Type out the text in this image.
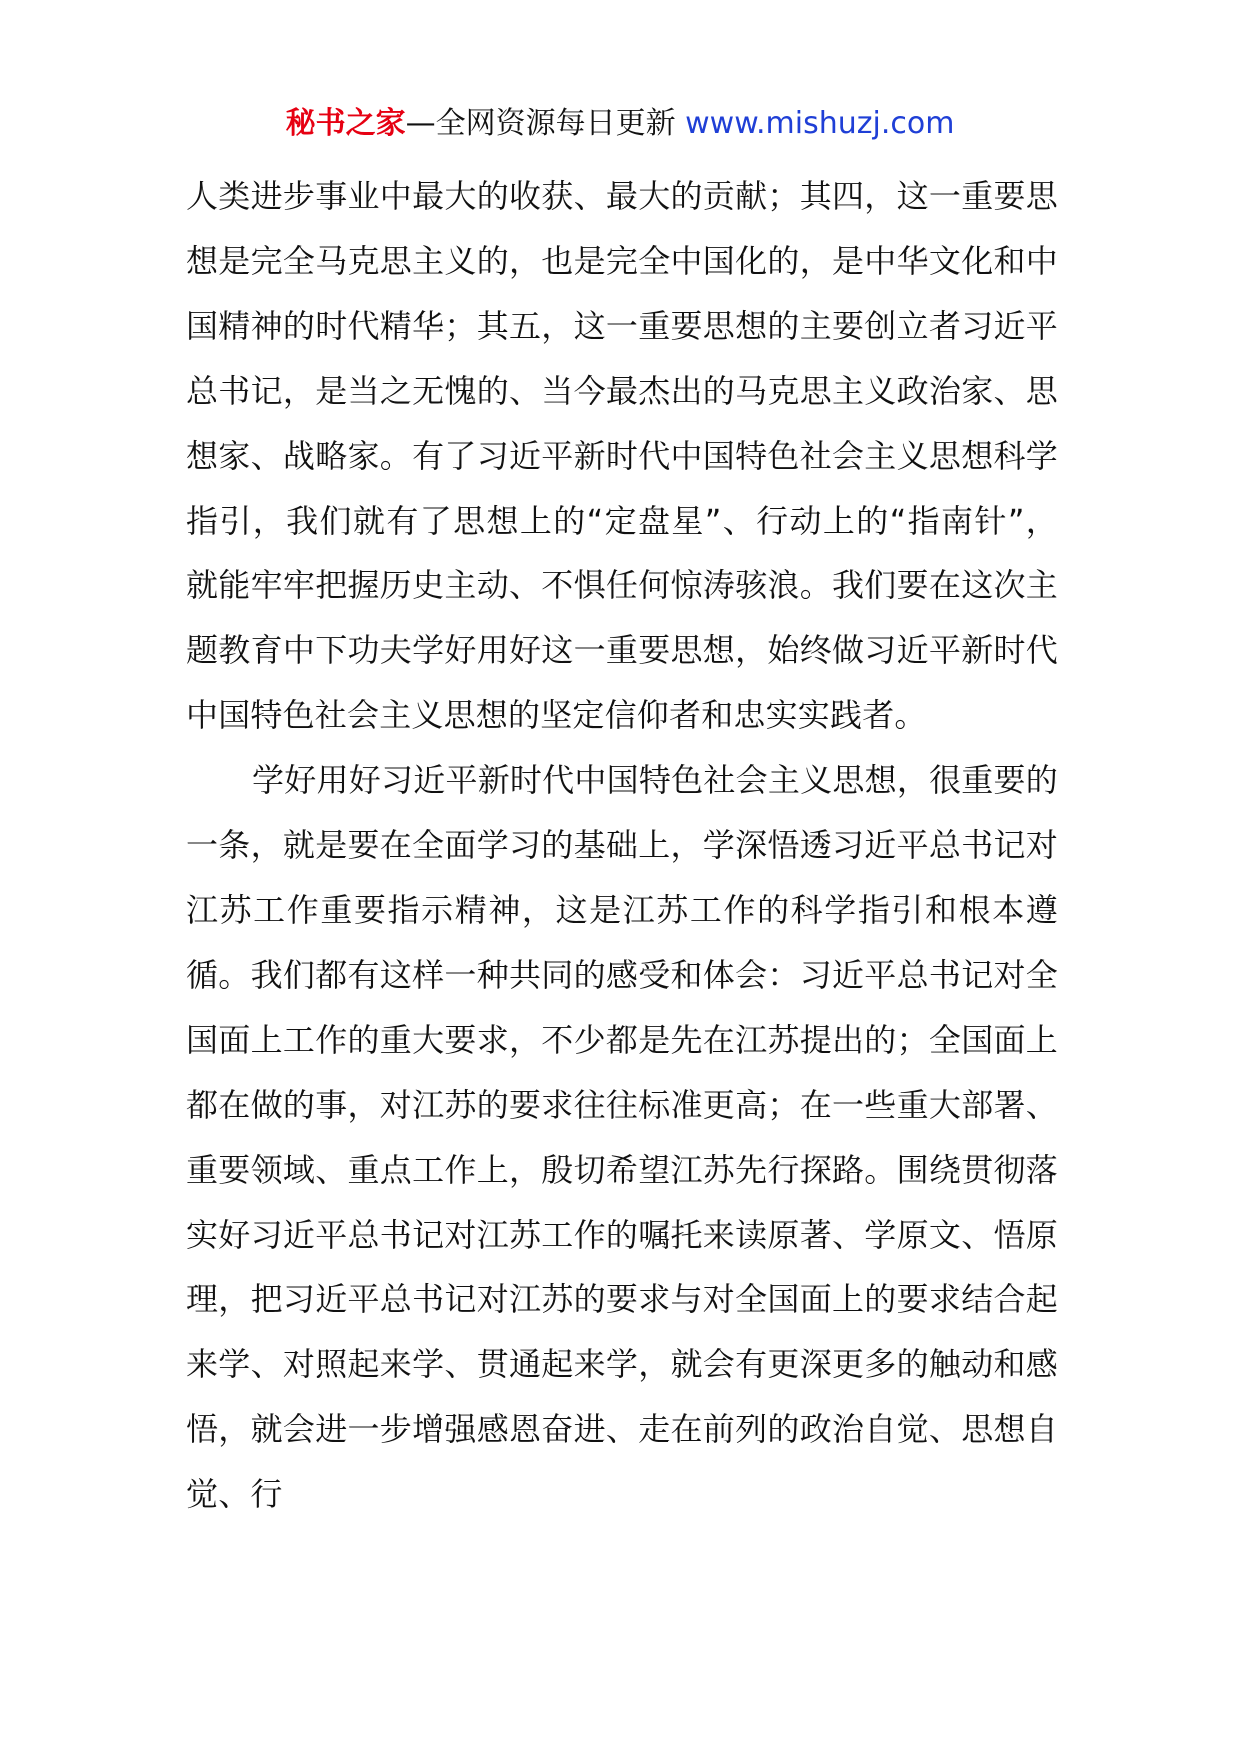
秘书之家—全网资源每日更新 www.mishuzj.com

人类进步事业中最大的收获、最大的贡献；其四，这一重要思想是完全马克思主义的，也是完全中国化的，是中华文化和中国精神的时代精华；其五，这一重要思想的主要创立者习近平总书记，是当之无愧的、当今最杰出的马克思主义政治家、思想家、战略家。有了习近平新时代中国特色社会主义思想科学指引，我们就有了思想上的“定盘星”、行动上的“指南针”，就能牢牢把握历史主动、不惧任何惊涛骇浪。我们要在这次主题教育中下功夫学好用好这一重要思想，始终做习近平新时代中国特色社会主义思想的坚定信仰者和忠实实践者。

学好用好习近平新时代中国特色社会主义思想，很重要的一条，就是要在全面学习的基础上，学深悟透习近平总书记对江苏工作重要指示精神，这是江苏工作的科学指引和根本遵循。我们都有这样一种共同的感受和体会：习近平总书记对全国面上工作的重大要求，不少都是先在江苏提出的；全国面上都在做的事，对江苏的要求往往标准更高；在一些重大部署、重要领域、重点工作上，殷切希望江苏先行探路。围绕贯彻落实好习近平总书记对江苏工作的嘱托来读原著、学原文、悟原理，把习近平总书记对江苏的要求与对全国面上的要求结合起来学、对照起来学、贯通起来学，就会有更深更多的触动和感悟，就会进一步增强感恩奋进、走在前列的政治自觉、思想自觉、行
